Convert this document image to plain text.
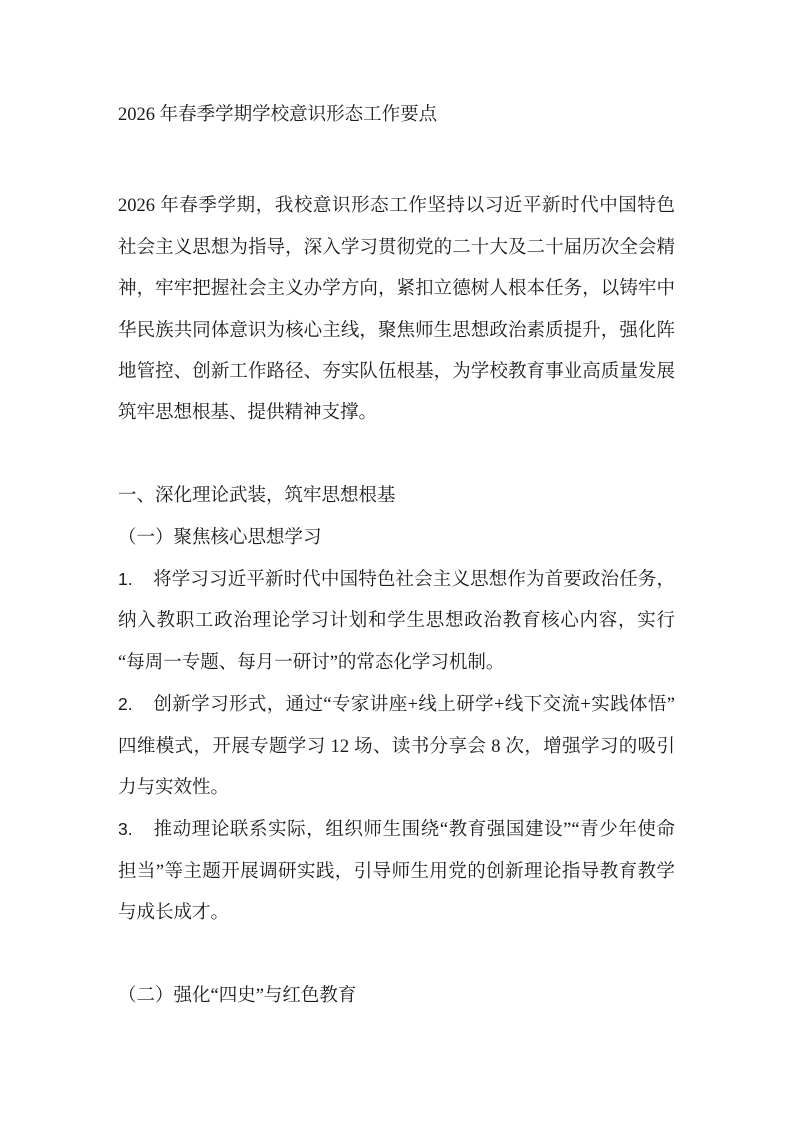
2026 年春季学期学校意识形态工作要点

2026 年春季学期，我校意识形态工作坚持以习近平新时代中国特色社会主义思想为指导，深入学习贯彻党的二十大及二十届历次全会精神，牢牢把握社会主义办学方向，紧扣立德树人根本任务，以铸牢中华民族共同体意识为核心主线，聚焦师生思想政治素质提升，强化阵地管控、创新工作路径、夯实队伍根基，为学校教育事业高质量发展筑牢思想根基、提供精神支撑。

一、深化理论武装，筑牢思想根基

（一）聚焦核心思想学习

1. 将学习习近平新时代中国特色社会主义思想作为首要政治任务，纳入教职工政治理论学习计划和学生思想政治教育核心内容，实行“每周一专题、每月一研讨”的常态化学习机制。

2. 创新学习形式，通过“专家讲座+线上研学+线下交流+实践体悟”四维模式，开展专题学习 12 场、读书分享会 8 次，增强学习的吸引力与实效性。

3. 推动理论联系实际，组织师生围绕“教育强国建设”“青少年使命担当”等主题开展调研实践，引导师生用党的创新理论指导教育教学与成长成才。

（二）强化“四史”与红色教育
